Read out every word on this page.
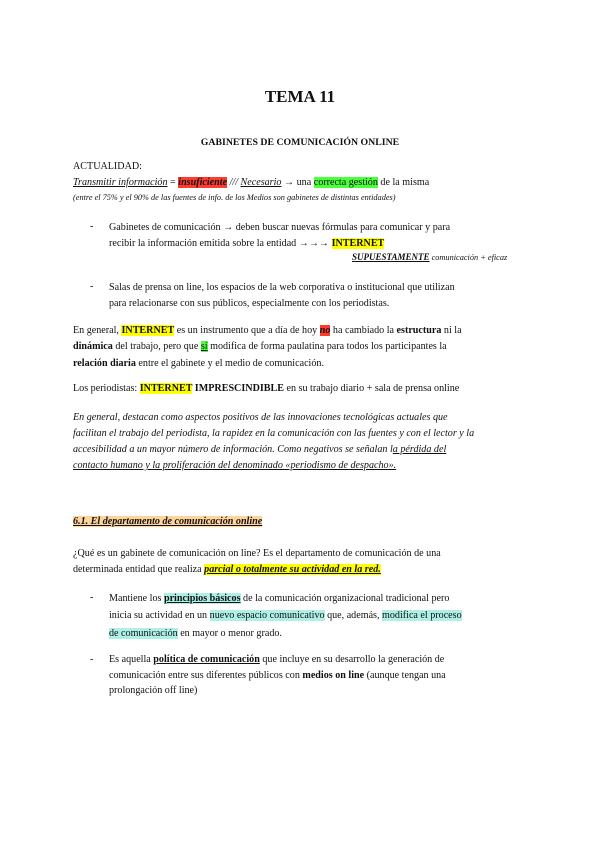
TEMA 11
GABINETES DE COMUNICACIÓN ONLINE
ACTUALIDAD:
Transmitir información = insuficiente /// Necesario → una correcta gestión de la misma
(entre el 75% y el 90% de las fuentes de info. de los Medios son gabinetes de distintas entidades)
- Gabinetes de comunicación → deben buscar nuevas fórmulas para comunicar y para
recibir la información emitida sobre la entidad →→→ INTERNET
SUPUESTAMENTE comunicación + eficaz
- Salas de prensa on line, los espacios de la web corporativa o institucional que utilizan
para relacionarse con sus públicos, especialmente con los periodistas.
En general, INTERNET es un instrumento que a día de hoy no ha cambiado la estructura ni la
dinámica del trabajo, pero que sí modifica de forma paulatina para todos los participantes la
relación diaria entre el gabinete y el medio de comunicación.
Los periodistas: INTERNET IMPRESCINDIBLE en su trabajo diario + sala de prensa online
En general, destacan como aspectos positivos de las innovaciones tecnológicas actuales que
facilitan el trabajo del periodista, la rapidez en la comunicación con las fuentes y con el lector y la
accesibilidad a un mayor número de información. Como negativos se señalan la pérdida del
contacto humano y la proliferación del denominado «periodismo de despacho».
6.1. El departamento de comunicación online
¿Qué es un gabinete de comunicación on line? Es el departamento de comunicación de una
determinada entidad que realiza parcial o totalmente su actividad en la red.
- Mantiene los principios básicos de la comunicación organizacional tradicional pero
inicia su actividad en un nuevo espacio comunicativo que, además, modifica el proceso
de comunicación en mayor o menor grado.
- Es aquella política de comunicación que incluye en su desarrollo la generación de
comunicación entre sus diferentes públicos con medios on line (aunque tengan una
prolongación off line)
